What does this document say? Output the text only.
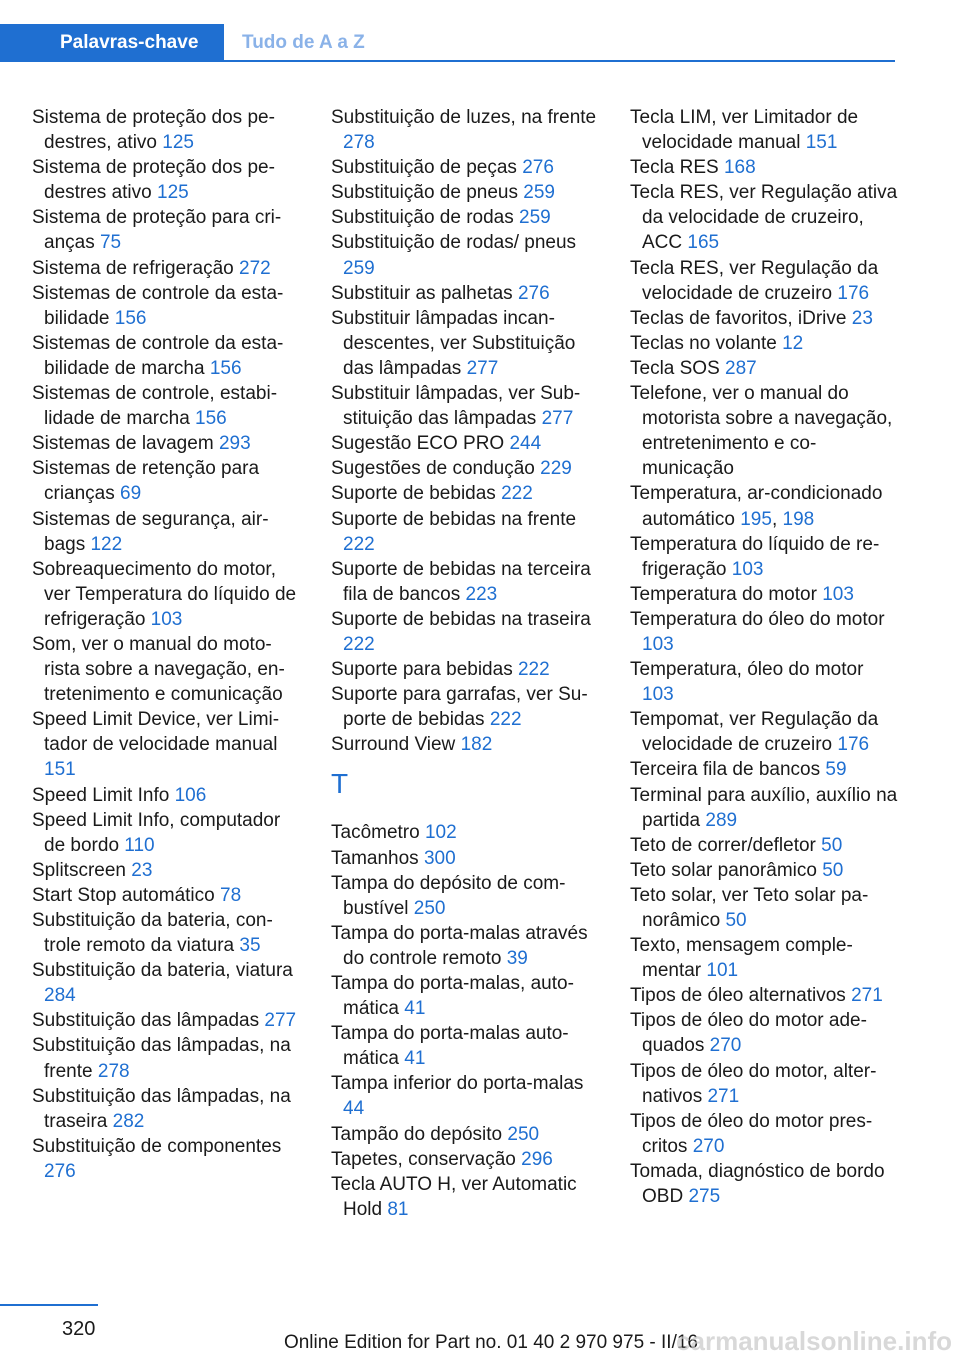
Palavras-chave	Tudo de A a Z
Sistema de proteção dos pedestres, ativo 125
Sistema de proteção dos pedestres ativo 125
Sistema de proteção para crianças 75
Sistema de refrigeração 272
Sistemas de controle da estabilidade 156
Sistemas de controle da estabilidade de marcha 156
Sistemas de controle, estabilidade de marcha 156
Sistemas de lavagem 293
Sistemas de retenção para crianças 69
Sistemas de segurança, airbags 122
Sobreaquecimento do motor, ver Temperatura do líquido de refrigeração 103
Som, ver o manual do motorista sobre a navegação, entretenimento e comunicação
Speed Limit Device, ver Limitador de velocidade manual 151
Speed Limit Info 106
Speed Limit Info, computador de bordo 110
Splitscreen 23
Start Stop automático 78
Substituição da bateria, controle remoto da viatura 35
Substituição da bateria, viatura 284
Substituição das lâmpadas 277
Substituição das lâmpadas, na frente 278
Substituição das lâmpadas, na traseira 282
Substituição de componentes 276
Substituição de luzes, na frente 278
Substituição de peças 276
Substituição de pneus 259
Substituição de rodas 259
Substituição de rodas/ pneus 259
Substituir as palhetas 276
Substituir lâmpadas incandescentes, ver Substituição das lâmpadas 277
Substituir lâmpadas, ver Substituição das lâmpadas 277
Sugestão ECO PRO 244
Sugestões de condução 229
Suporte de bebidas 222
Suporte de bebidas na frente 222
Suporte de bebidas na terceira fila de bancos 223
Suporte de bebidas na traseira 222
Suporte para bebidas 222
Suporte para garrafas, ver Suporte de bebidas 222
Surround View 182
T
Tacômetro 102
Tamanhos 300
Tampa do depósito de combustível 250
Tampa do porta-malas através do controle remoto 39
Tampa do porta-malas, automática 41
Tampa do porta-malas automática 41
Tampa inferior do porta-malas 44
Tampão do depósito 250
Tapetes, conservação 296
Tecla AUTO H, ver Automatic Hold 81
Tecla LIM, ver Limitador de velocidade manual 151
Tecla RES 168
Tecla RES, ver Regulação ativa da velocidade de cruzeiro, ACC 165
Tecla RES, ver Regulação da velocidade de cruzeiro 176
Teclas de favoritos, iDrive 23
Teclas no volante 12
Tecla SOS 287
Telefone, ver o manual do motorista sobre a navegação, entretenimento e comunicação
Temperatura, ar-condicionado automático 195, 198
Temperatura do líquido de refrigeração 103
Temperatura do motor 103
Temperatura do óleo do motor 103
Temperatura, óleo do motor 103
Tempomat, ver Regulação da velocidade de cruzeiro 176
Terceira fila de bancos 59
Terminal para auxílio, auxílio na partida 289
Teto de correr/defletor 50
Teto solar panorâmico 50
Teto solar, ver Teto solar panorâmico 50
Texto, mensagem complementar 101
Tipos de óleo alternativos 271
Tipos de óleo do motor adequados 270
Tipos de óleo do motor, alternativos 271
Tipos de óleo do motor prescritos 270
Tomada, diagnóstico de bordo OBD 275
320
Online Edition for Part no. 01 40 2 970 975 - II/16
carmanualsonline.info
